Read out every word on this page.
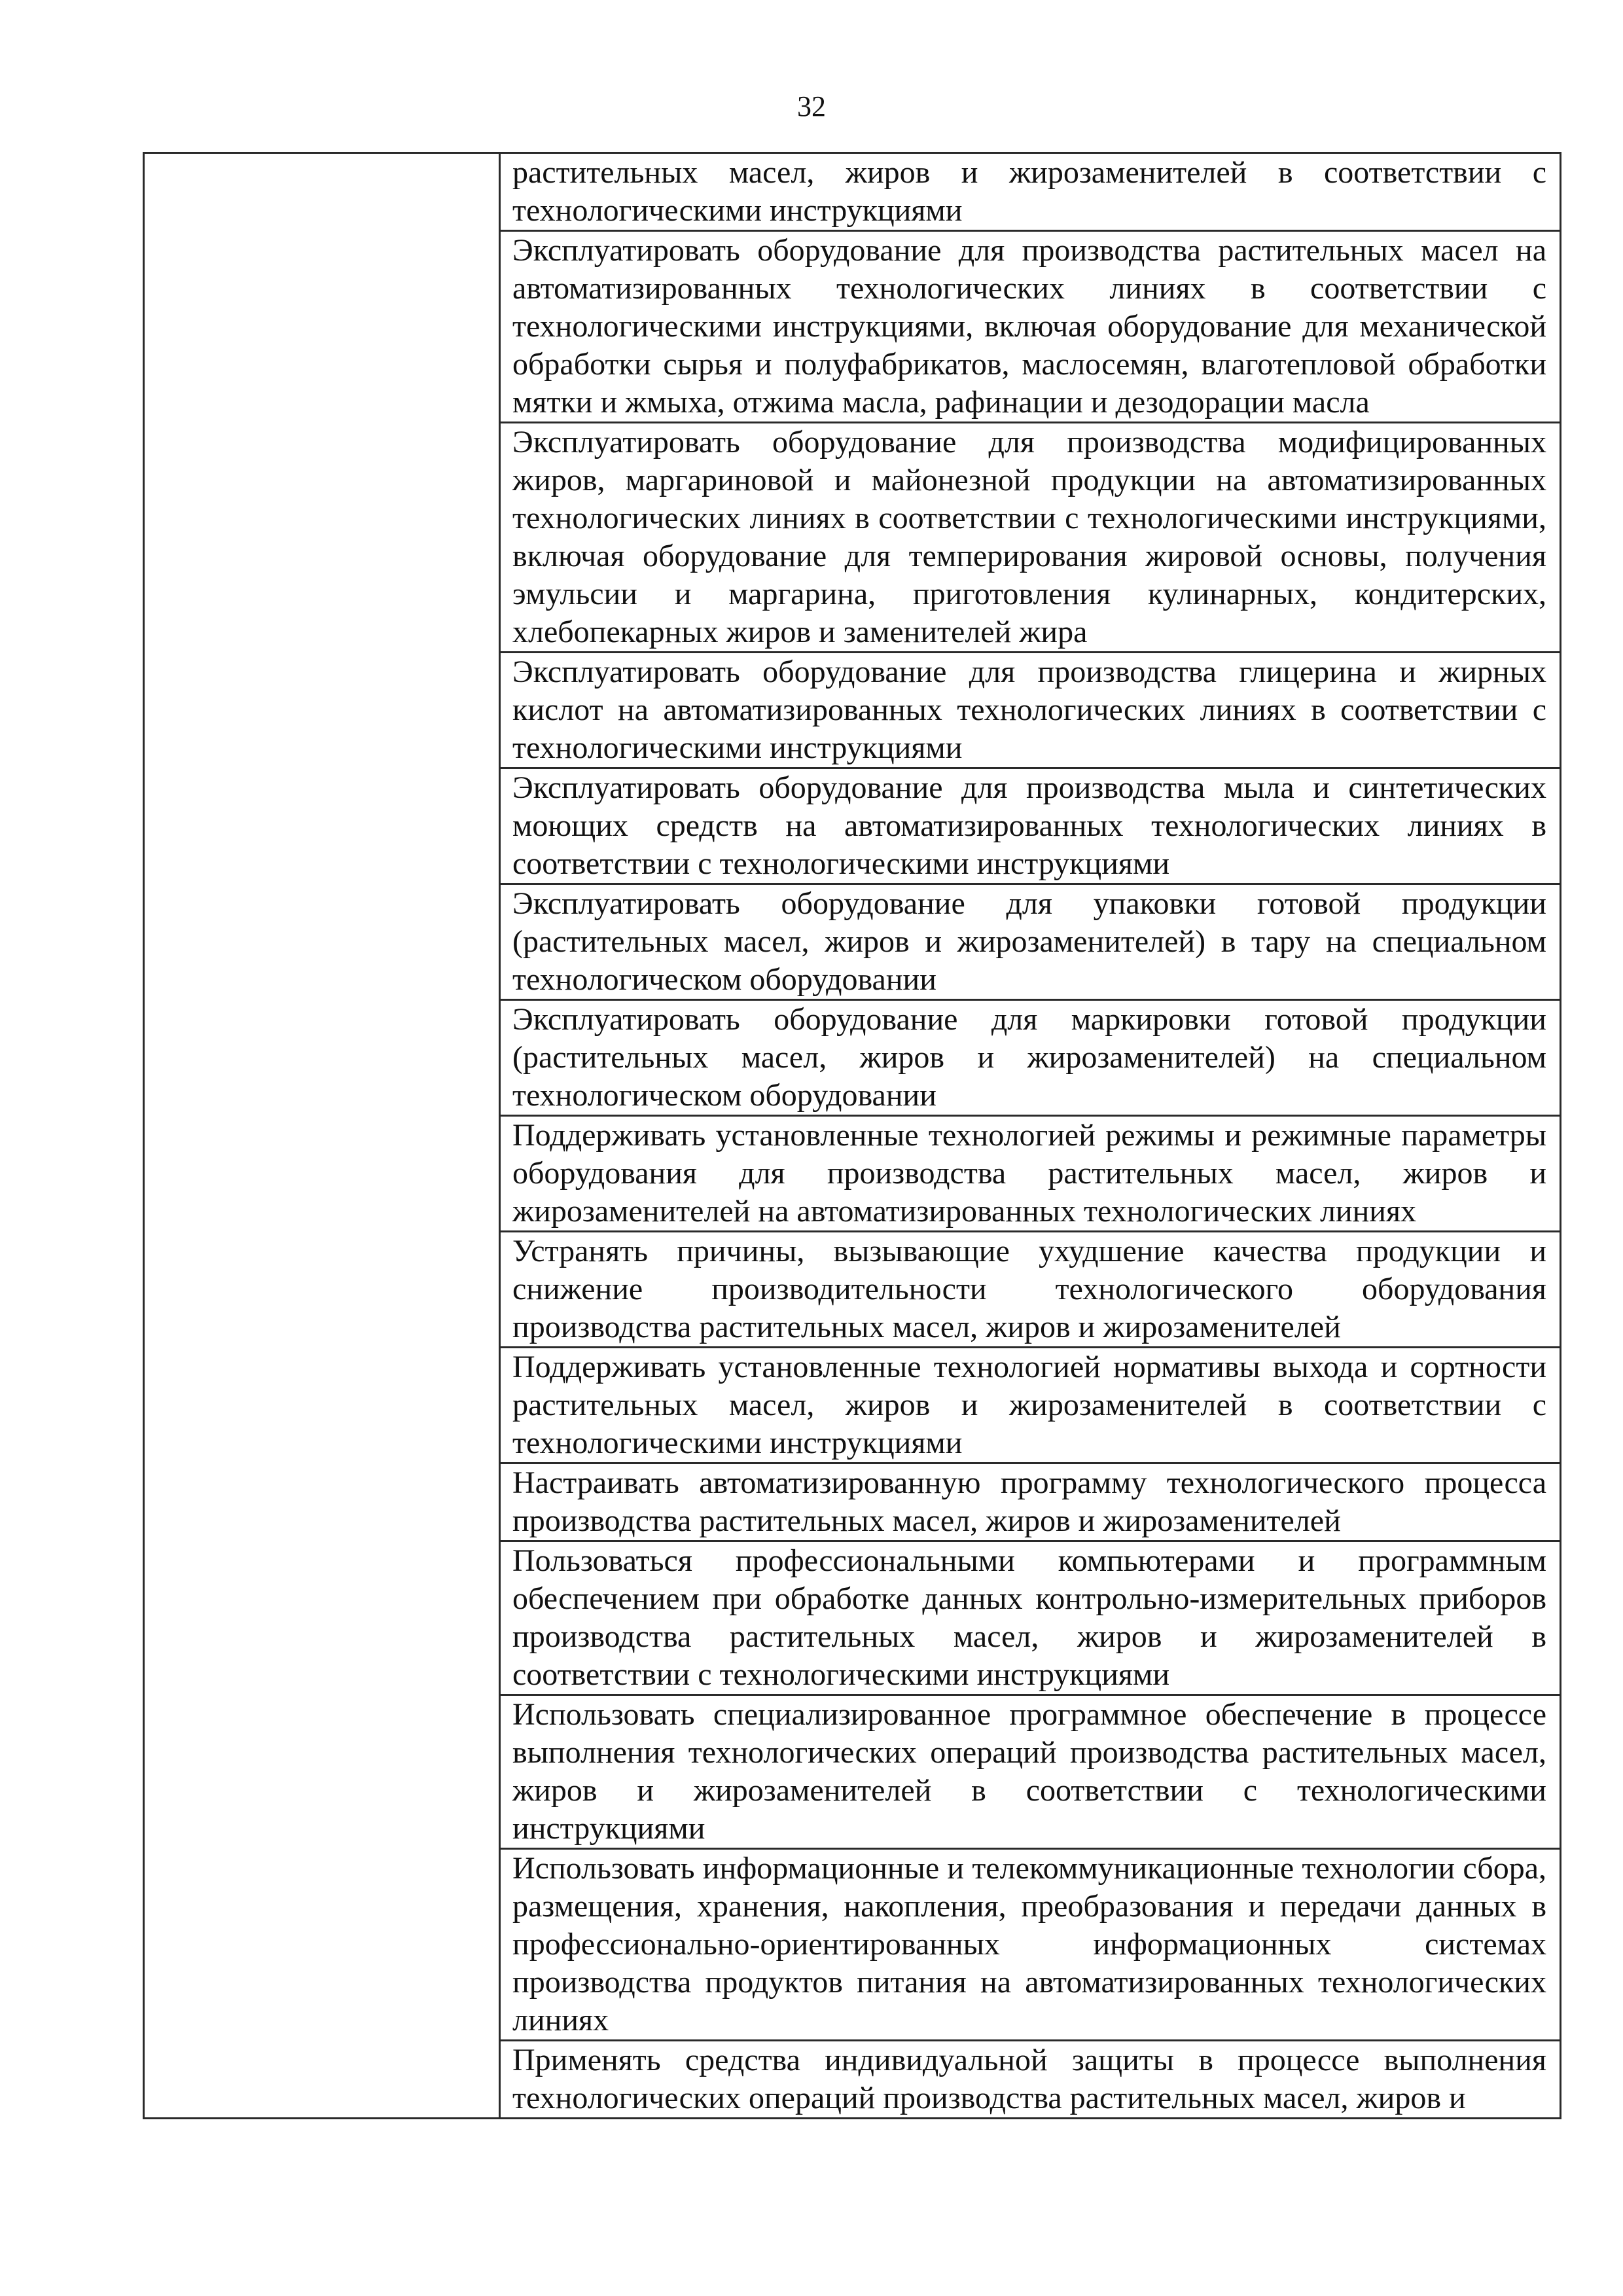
32
	растительных масел, жиров и жирозаменителей в соответствии с технологическими инструкциями
Эксплуатировать оборудование для производства растительных масел на автоматизированных технологических линиях в соответствии с технологическими инструкциями, включая оборудование для механической обработки сырья и полуфабрикатов, маслосемян, влаготепловой обработки мятки и жмыха, отжима масла, рафинации и дезодорации масла
Эксплуатировать оборудование для производства модифицированных жиров, маргариновой и майонезной продукции на автоматизированных технологических линиях в соответствии с технологическими инструкциями, включая оборудование для темперирования жировой основы, получения эмульсии и маргарина, приготовления кулинарных, кондитерских, хлебопекарных жиров и заменителей жира
Эксплуатировать оборудование для производства глицерина и жирных кислот на автоматизированных технологических линиях в соответствии с технологическими инструкциями
Эксплуатировать оборудование для производства мыла и синтетических моющих средств на автоматизированных технологических линиях в соответствии с технологическими инструкциями
Эксплуатировать оборудование для упаковки готовой продукции (растительных масел, жиров и жирозаменителей) в тару на специальном технологическом оборудовании
Эксплуатировать оборудование для маркировки готовой продукции (растительных масел, жиров и жирозаменителей) на специальном технологическом оборудовании
Поддерживать установленные технологией режимы и режимные параметры оборудования для производства растительных масел, жиров и жирозаменителей на автоматизированных технологических линиях
Устранять причины, вызывающие ухудшение качества продукции и снижение производительности технологического оборудования производства растительных масел, жиров и жирозаменителей
Поддерживать установленные технологией нормативы выхода и сортности растительных масел, жиров и жирозаменителей в соответствии с технологическими инструкциями
Настраивать автоматизированную программу технологического процесса производства растительных масел, жиров и жирозаменителей
Пользоваться профессиональными компьютерами и программным обеспечением при обработке данных контрольно-измерительных приборов производства растительных масел, жиров и жирозаменителей в соответствии с технологическими инструкциями
Использовать специализированное программное обеспечение в процессе выполнения технологических операций производства растительных масел, жиров и жирозаменителей в соответствии с технологическими инструкциями
Использовать информационные и телекоммуникационные технологии сбора, размещения, хранения, накопления, преобразования и передачи данных в профессионально-ориентированных информационных системах производства продуктов питания на автоматизированных технологических линиях
Применять средства индивидуальной защиты в процессе выполнения технологических операций производства растительных масел, жиров и
